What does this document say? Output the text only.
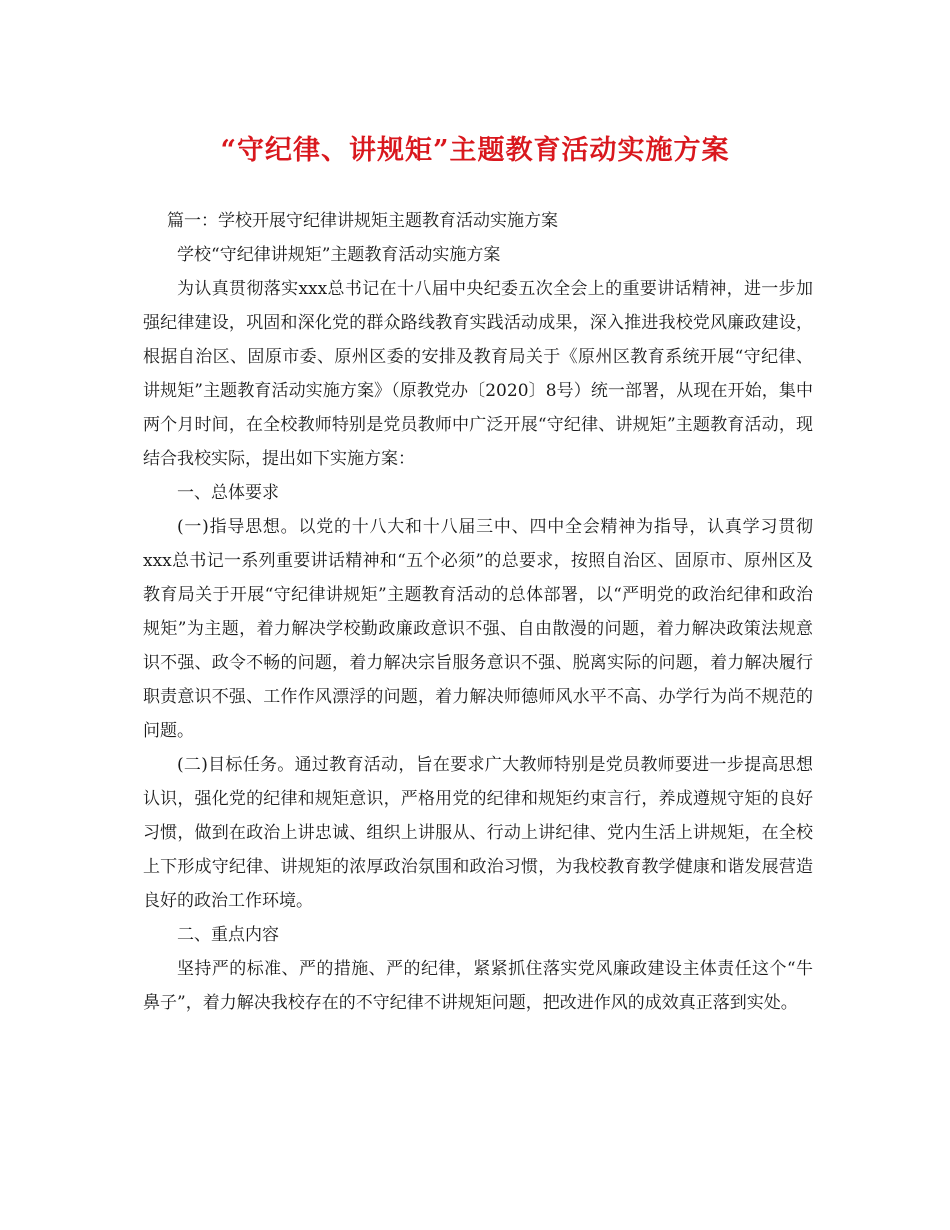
“守纪律、讲规矩”主题教育活动实施方案

篇一：学校开展守纪律讲规矩主题教育活动实施方案

学校“守纪律讲规矩”主题教育活动实施方案

为认真贯彻落实xxx总书记在十八届中央纪委五次全会上的重要讲话精神，进一步加强纪律建设，巩固和深化党的群众路线教育实践活动成果，深入推进我校党风廉政建设，根据自治区、固原市委、原州区委的安排及教育局关于《原州区教育系统开展“守纪律、讲规矩”主题教育活动实施方案》（原教党办〔2020〕8号）统一部署，从现在开始，集中两个月时间，在全校教师特别是党员教师中广泛开展“守纪律、讲规矩”主题教育活动，现结合我校实际，提出如下实施方案：

一、总体要求

(一)指导思想。以党的十八大和十八届三中、四中全会精神为指导，认真学习贯彻xxx总书记一系列重要讲话精神和“五个必须”的总要求，按照自治区、固原市、原州区及教育局关于开展“守纪律讲规矩”主题教育活动的总体部署，以“严明党的政治纪律和政治规矩”为主题，着力解决学校勤政廉政意识不强、自由散漫的问题，着力解决政策法规意识不强、政令不畅的问题，着力解决宗旨服务意识不强、脱离实际的问题，着力解决履行职责意识不强、工作作风漂浮的问题，着力解决师德师风水平不高、办学行为尚不规范的问题。

(二)目标任务。通过教育活动，旨在要求广大教师特别是党员教师要进一步提高思想认识，强化党的纪律和规矩意识，严格用党的纪律和规矩约束言行，养成遵规守矩的良好习惯，做到在政治上讲忠诚、组织上讲服从、行动上讲纪律、党内生活上讲规矩，在全校上下形成守纪律、讲规矩的浓厚政治氛围和政治习惯，为我校教育教学健康和谐发展营造良好的政治工作环境。

二、重点内容

坚持严的标准、严的措施、严的纪律，紧紧抓住落实党风廉政建设主体责任这个“牛鼻子”，着力解决我校存在的不守纪律不讲规矩问题，把改进作风的成效真正落到实处。
